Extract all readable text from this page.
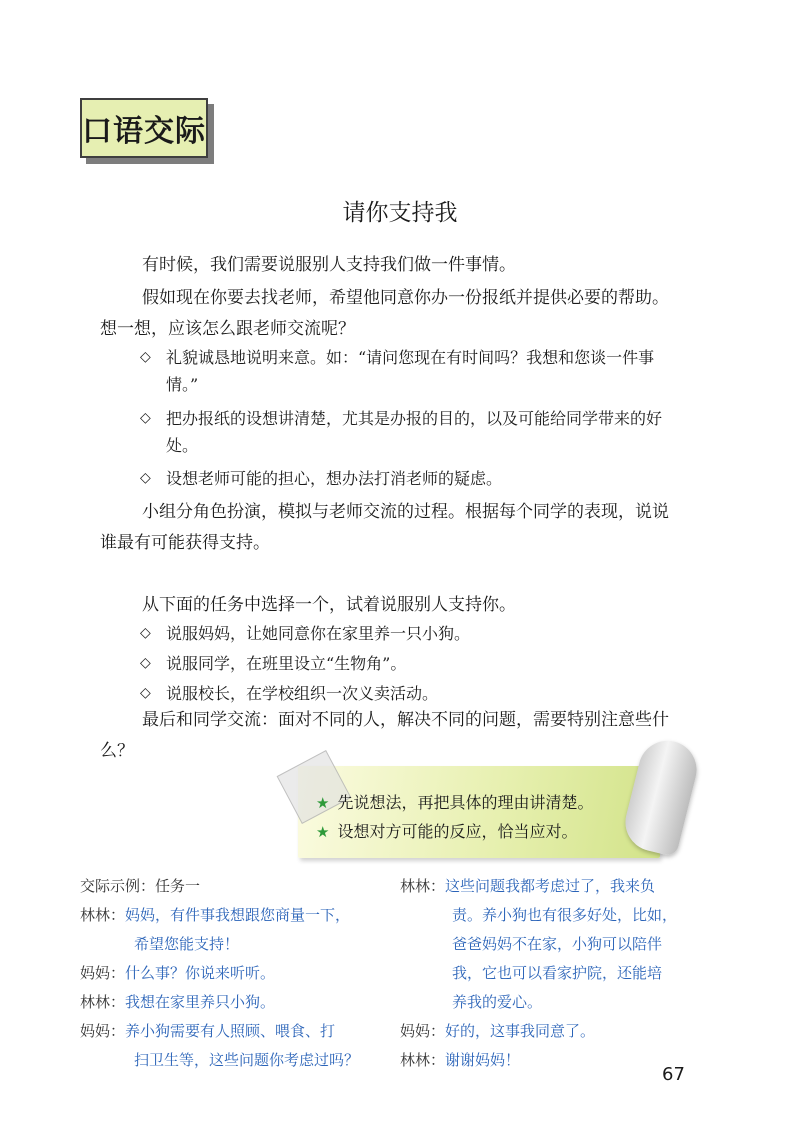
口语交际
请你支持我
有时候，我们需要说服别人支持我们做一件事情。
假如现在你要去找老师，希望他同意你办一份报纸并提供必要的帮助。想一想，应该怎么跟老师交流呢？
◇ 礼貌诚恳地说明来意。如：“请问您现在有时间吗？我想和您谈一件事情。”
◇ 把办报纸的设想讲清楚，尤其是办报的目的，以及可能给同学带来的好处。
◇ 设想老师可能的担心，想办法打消老师的疑虑。
小组分角色扮演，模拟与老师交流的过程。根据每个同学的表现，说说谁最有可能获得支持。
从下面的任务中选择一个，试着说服别人支持你。
◇ 说服妈妈，让她同意你在家里养一只小狗。
◇ 说服同学，在班里设立“生物角”。
◇ 说服校长，在学校组织一次义卖活动。
最后和同学交流：面对不同的人，解决不同的问题，需要特别注意些什么？
★ 先说想法，再把具体的理由讲清楚。
★ 设想对方可能的反应，恰当应对。
交际示例：任务一
林林：妈妈，有件事我想跟您商量一下，
希望您能支持！
妈妈：什么事？你说来听听。
林林：我想在家里养只小狗。
妈妈：养小狗需要有人照顾、喂食、打
扫卫生等，这些问题你考虑过吗？
林林：这些问题我都考虑过了，我来负
责。养小狗也有很多好处，比如，
爸爸妈妈不在家，小狗可以陪伴
我，它也可以看家护院，还能培
养我的爱心。
妈妈：好的，这事我同意了。
林林：谢谢妈妈！
67
